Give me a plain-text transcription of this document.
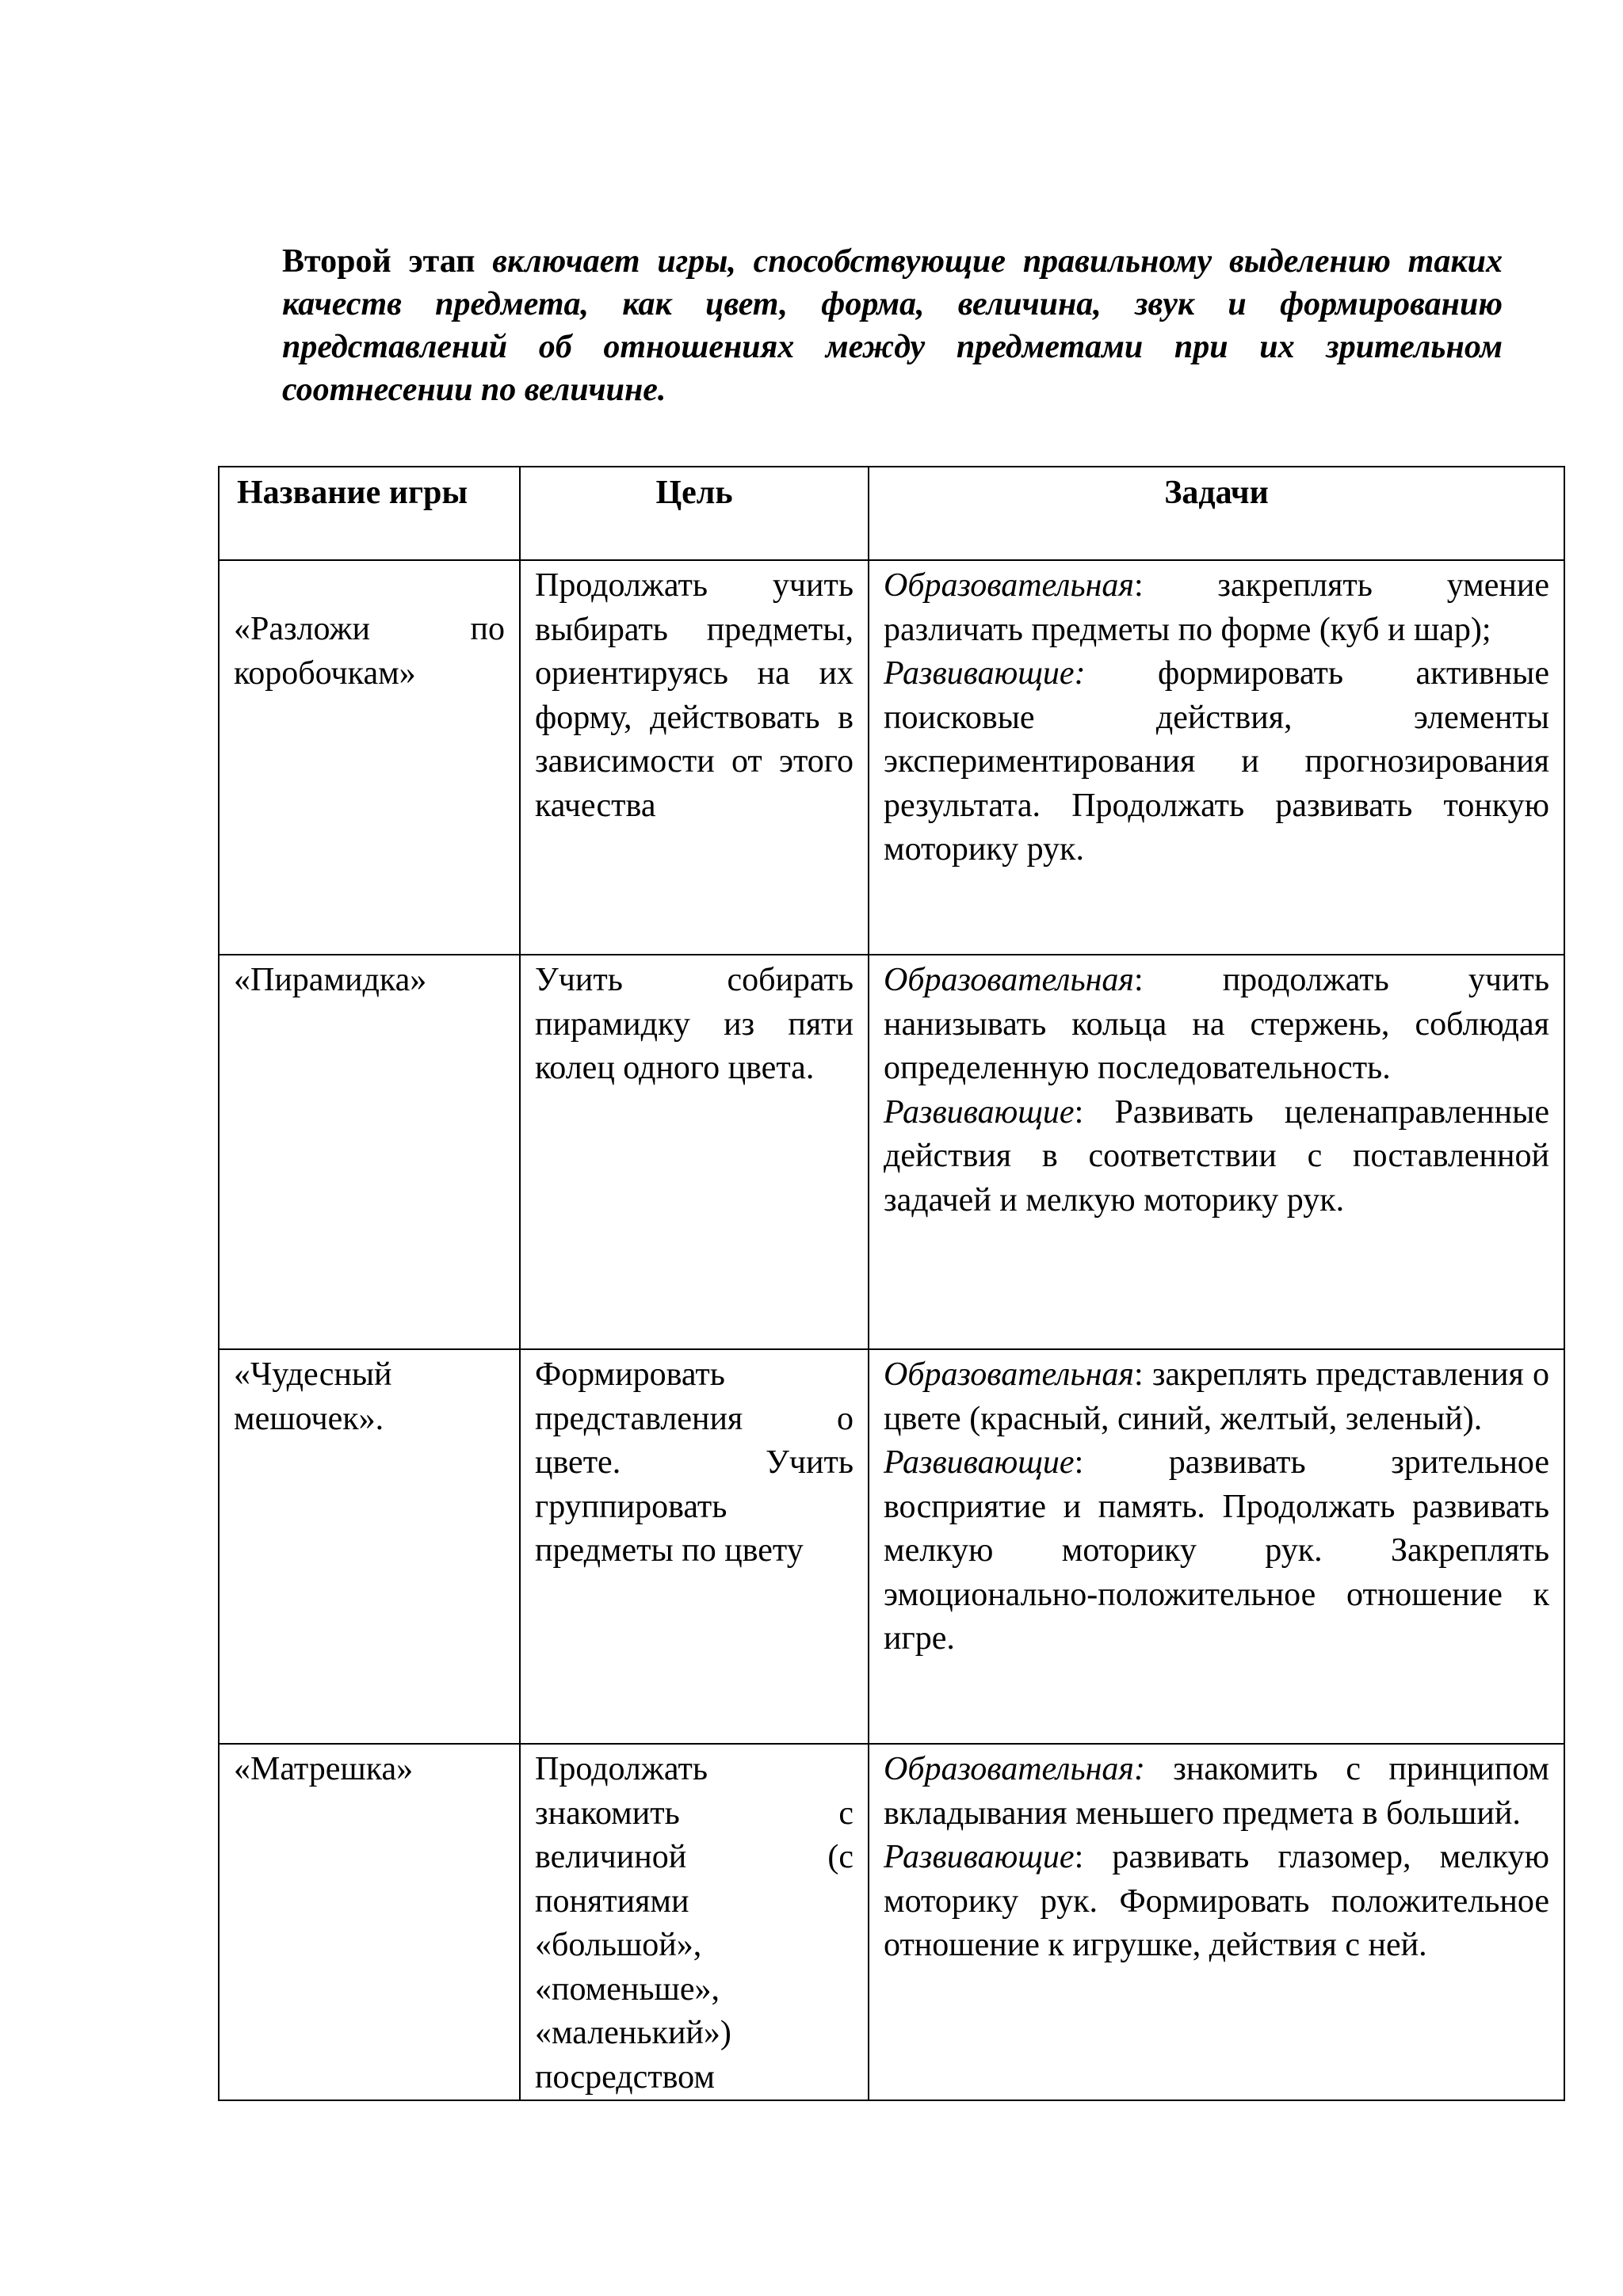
Второй этап включает игры, способствующие правильному выделению таких качеств предмета, как цвет, форма, величина, звук и формированию представлений об отношениях между предметами при их зрительном соотнесении по величине.

Название игры	Цель	Задачи

«Разложи по коробочкам»	Продолжать учить выбирать предметы, ориентируясь на их форму, действовать в зависимости от этого качества	Образовательная: закреплять умение различать предметы по форме (куб и шар);
Развивающие: формировать активные поисковые действия, элементы экспериментирования и прогнозирования результата. Продолжать развивать тонкую моторику рук.

«Пирамидка»	Учить собирать пирамидку из пяти колец одного цвета.	Образовательная: продолжать учить нанизывать кольца на стержень, соблюдая определенную последовательность.
Развивающие: Развивать целенаправленные действия в соответствии с поставленной задачей и мелкую моторику рук.

«Чудесный мешочек».	Формировать представления о цвете. Учить группировать предметы по цвету	Образовательная: закреплять представления о цвете (красный, синий, желтый, зеленый).
Развивающие: развивать зрительное восприятие и память. Продолжать развивать мелкую моторику рук. Закреплять эмоционально-положительное отношение к игре.

«Матрешка»	Продолжать знакомить с величиной (с понятиями «большой», «поменьше», «маленький») посредством	Образовательная: знакомить с принципом вкладывания меньшего предмета в больший.
Развивающие: развивать глазомер, мелкую моторику рук. Формировать положительное отношение к игрушке, действия с ней.
